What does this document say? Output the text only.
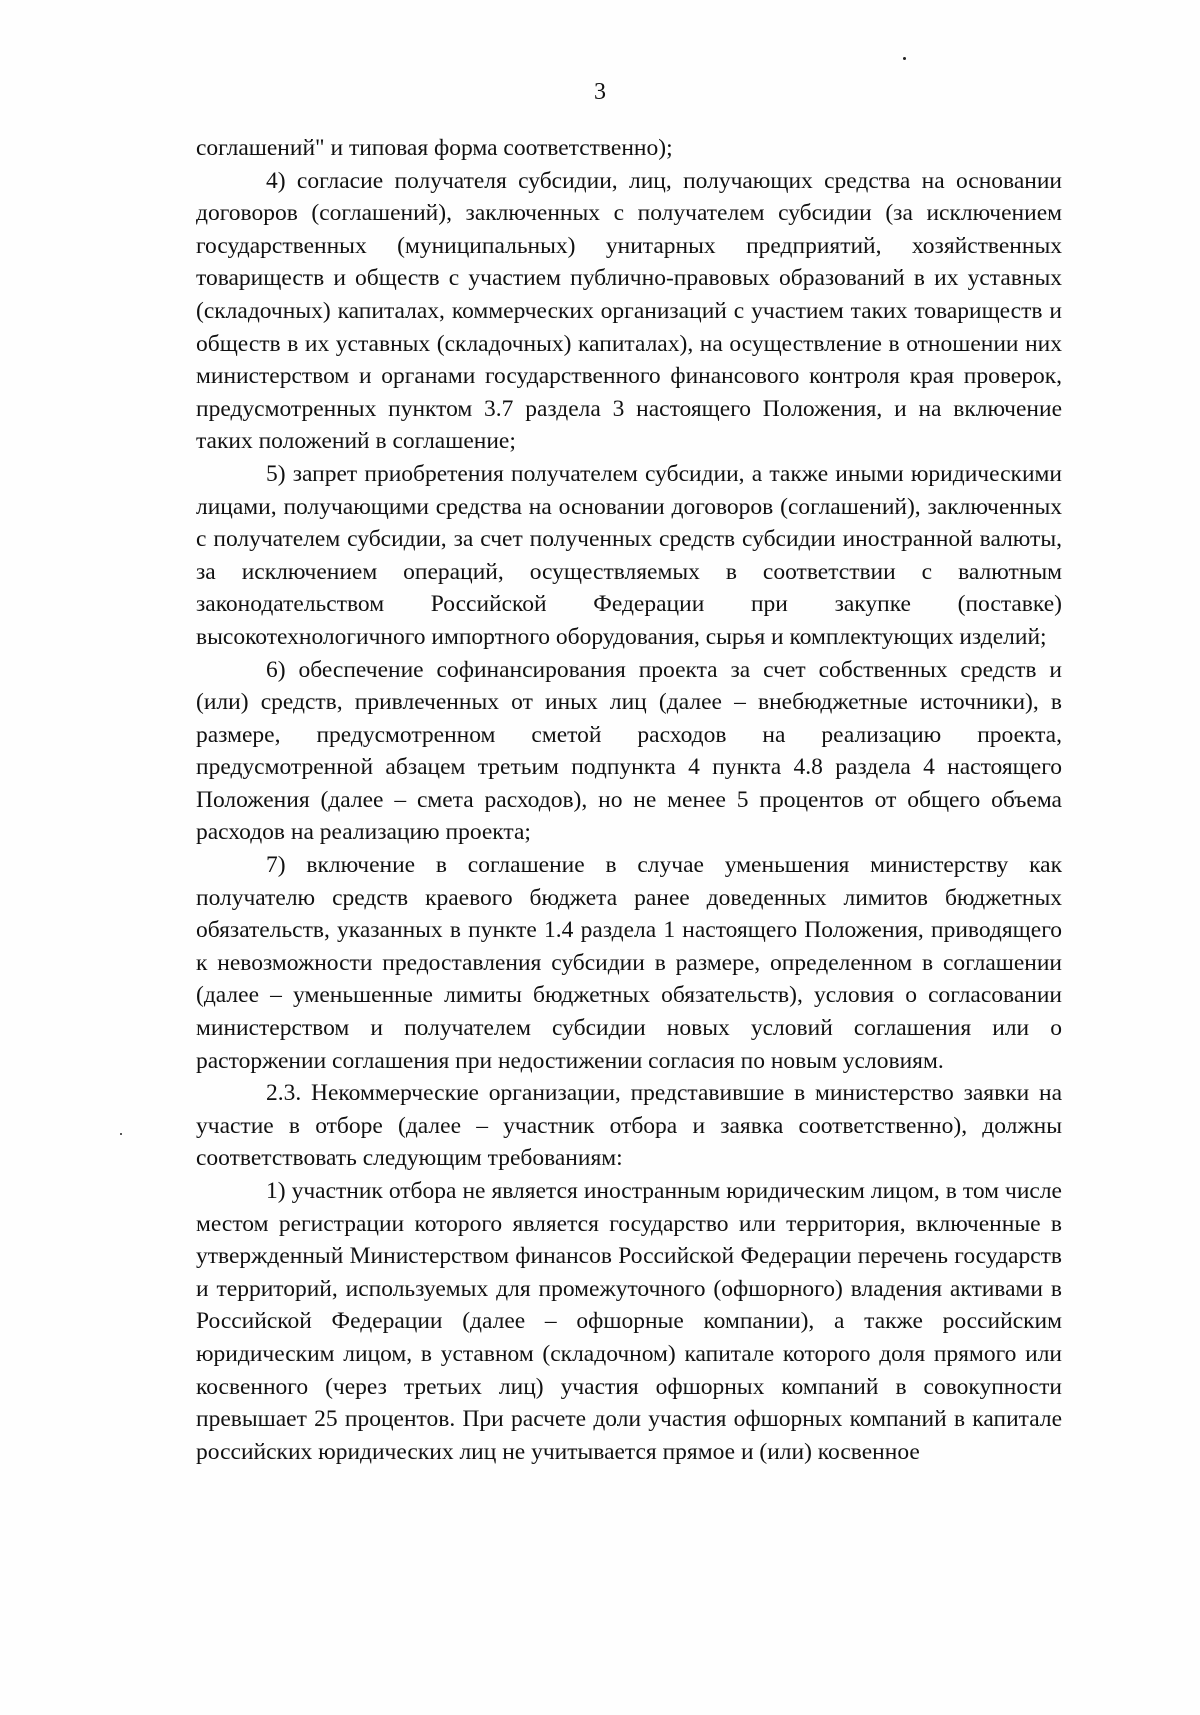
3

соглашений" и типовая форма соответственно);

4) согласие получателя субсидии, лиц, получающих средства на основании договоров (соглашений), заключенных с получателем субсидии (за исключением государственных (муниципальных) унитарных предприятий, хозяйственных товариществ и обществ с участием публично-правовых образований в их уставных (складочных) капиталах, коммерческих организаций с участием таких товариществ и обществ в их уставных (складочных) капиталах), на осуществление в отношении них министерством и органами государственного финансового контроля края проверок, предусмотренных пунктом 3.7 раздела 3 настоящего Положения, и на включение таких положений в соглашение;

5) запрет приобретения получателем субсидии, а также иными юридическими лицами, получающими средства на основании договоров (соглашений), заключенных с получателем субсидии, за счет полученных средств субсидии иностранной валюты, за исключением операций, осуществляемых в соответствии с валютным законодательством Российской Федерации при закупке (поставке) высокотехнологичного импортного оборудования, сырья и комплектующих изделий;

6) обеспечение софинансирования проекта за счет собственных средств и (или) средств, привлеченных от иных лиц (далее – внебюджетные источники), в размере, предусмотренном сметой расходов на реализацию проекта, предусмотренной абзацем третьим подпункта 4 пункта 4.8 раздела 4 настоящего Положения (далее – смета расходов), но не менее 5 процентов от общего объема расходов на реализацию проекта;

7) включение в соглашение в случае уменьшения министерству как получателю средств краевого бюджета ранее доведенных лимитов бюджетных обязательств, указанных в пункте 1.4 раздела 1 настоящего Положения, приводящего к невозможности предоставления субсидии в размере, определенном в соглашении (далее – уменьшенные лимиты бюджетных обязательств), условия о согласовании министерством и получателем субсидии новых условий соглашения или о расторжении соглашения при недостижении согласия по новым условиям.

2.3. Некоммерческие организации, представившие в министерство заявки на участие в отборе (далее – участник отбора и заявка соответственно), должны соответствовать следующим требованиям:

1) участник отбора не является иностранным юридическим лицом, в том числе местом регистрации которого является государство или территория, включенные в утвержденный Министерством финансов Российской Федерации перечень государств и территорий, используемых для промежуточного (офшорного) владения активами в Российской Федерации (далее – офшорные компании), а также российским юридическим лицом, в уставном (складочном) капитале которого доля прямого или косвенного (через третьих лиц) участия офшорных компаний в совокупности превышает 25 процентов. При расчете доли участия офшорных компаний в капитале российских юридических лиц не учитывается прямое и (или) косвенное
